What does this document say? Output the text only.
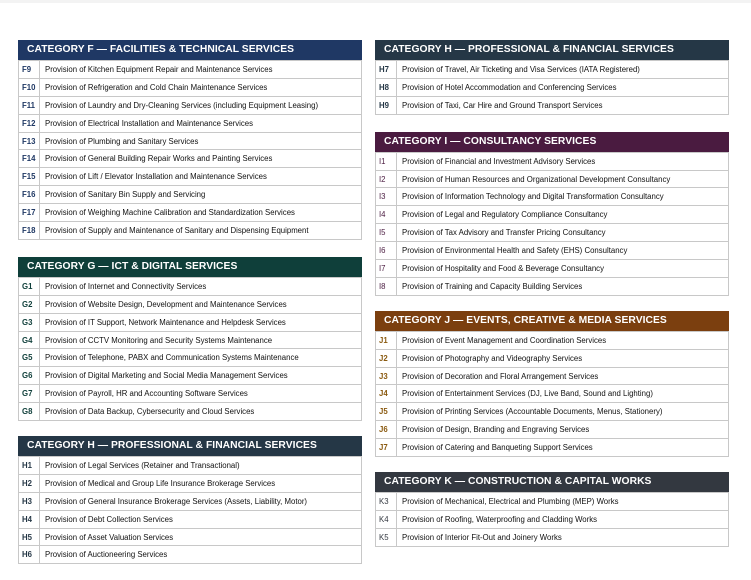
CATEGORY F — FACILITIES & TECHNICAL SERVICES
F9	Provision of Kitchen Equipment Repair and Maintenance Services
F10	Provision of Refrigeration and Cold Chain Maintenance Services
F11	Provision of Laundry and Dry-Cleaning Services (including Equipment Leasing)
F12	Provision of Electrical Installation and Maintenance Services
F13	Provision of Plumbing and Sanitary Services
F14	Provision of General Building Repair Works and Painting Services
F15	Provision of Lift / Elevator Installation and Maintenance Services
F16	Provision of Sanitary Bin Supply and Servicing
F17	Provision of Weighing Machine Calibration and Standardization Services
F18	Provision of Supply and Maintenance of Sanitary and Dispensing Equipment
CATEGORY G — ICT & DIGITAL SERVICES
G1	Provision of Internet and Connectivity Services
G2	Provision of Website Design, Development and Maintenance Services
G3	Provision of IT Support, Network Maintenance and Helpdesk Services
G4	Provision of CCTV Monitoring and Security Systems Maintenance
G5	Provision of Telephone, PABX and Communication Systems Maintenance
G6	Provision of Digital Marketing and Social Media Management Services
G7	Provision of Payroll, HR and Accounting Software Services
G8	Provision of Data Backup, Cybersecurity and Cloud Services
CATEGORY H — PROFESSIONAL & FINANCIAL SERVICES
H1	Provision of Legal Services (Retainer and Transactional)
H2	Provision of Medical and Group Life Insurance Brokerage Services
H3	Provision of General Insurance Brokerage Services (Assets, Liability, Motor)
H4	Provision of Debt Collection Services
H5	Provision of Asset Valuation Services
H6	Provision of Auctioneering Services
CATEGORY H — PROFESSIONAL & FINANCIAL SERVICES
H7	Provision of Travel, Air Ticketing and Visa Services (IATA Registered)
H8	Provision of Hotel Accommodation and Conferencing Services
H9	Provision of Taxi, Car Hire and Ground Transport Services
CATEGORY I — CONSULTANCY SERVICES
I1	Provision of Financial and Investment Advisory Services
I2	Provision of Human Resources and Organizational Development Consultancy
I3	Provision of Information Technology and Digital Transformation Consultancy
I4	Provision of Legal and Regulatory Compliance Consultancy
I5	Provision of Tax Advisory and Transfer Pricing Consultancy
I6	Provision of Environmental Health and Safety (EHS) Consultancy
I7	Provision of Hospitality and Food & Beverage Consultancy
I8	Provision of Training and Capacity Building Services
CATEGORY J — EVENTS, CREATIVE & MEDIA SERVICES
J1	Provision of Event Management and Coordination Services
J2	Provision of Photography and Videography Services
J3	Provision of Decoration and Floral Arrangement Services
J4	Provision of Entertainment Services (DJ, Live Band, Sound and Lighting)
J5	Provision of Printing Services (Accountable Documents, Menus, Stationery)
J6	Provision of Design, Branding and Engraving Services
J7	Provision of Catering and Banqueting Support Services
CATEGORY K — CONSTRUCTION & CAPITAL WORKS
K3	Provision of Mechanical, Electrical and Plumbing (MEP) Works
K4	Provision of Roofing, Waterproofing and Cladding Works
K5	Provision of Interior Fit-Out and Joinery Works
